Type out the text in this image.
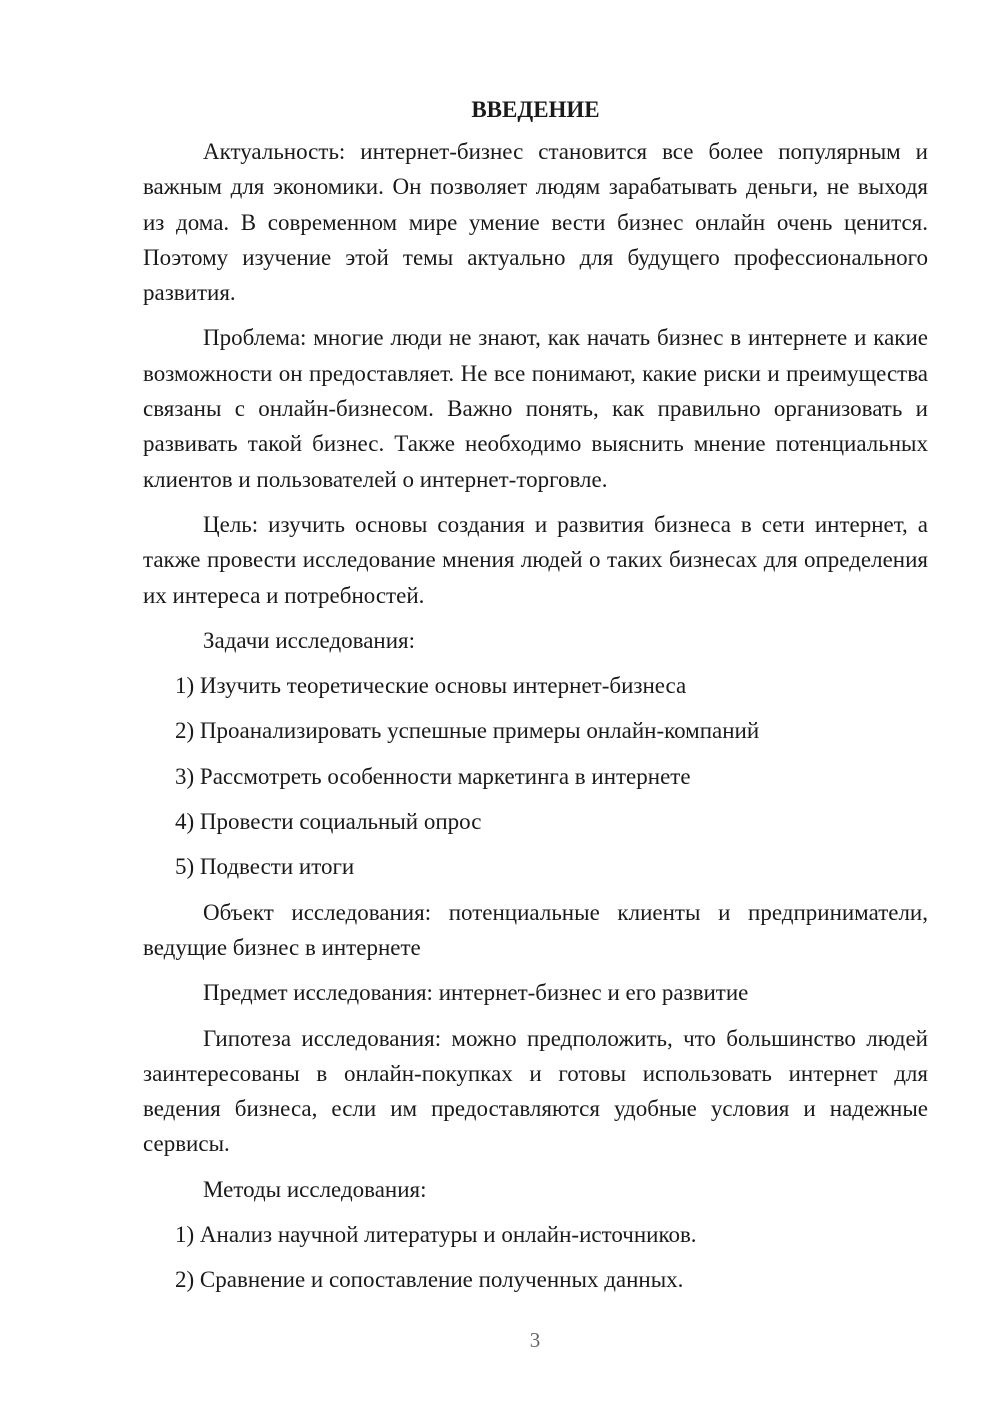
ВВЕДЕНИЕ

Актуальность: интернет-бизнес становится все более популярным и важным для экономики. Он позволяет людям зарабатывать деньги, не выходя из дома. В современном мире умение вести бизнес онлайн очень ценится. Поэтому изучение этой темы актуально для будущего профессионального развития.

Проблема: многие люди не знают, как начать бизнес в интернете и какие возможности он предоставляет. Не все понимают, какие риски и преимущества связаны с онлайн-бизнесом. Важно понять, как правильно организовать и развивать такой бизнес. Также необходимо выяснить мнение потенциальных клиентов и пользователей о интернет-торговле.

Цель: изучить основы создания и развития бизнеса в сети интернет, а также провести исследование мнения людей о таких бизнесах для определения их интереса и потребностей.

Задачи исследования:
1) Изучить теоретические основы интернет-бизнеса
2) Проанализировать успешные примеры онлайн-компаний
3) Рассмотреть особенности маркетинга в интернете
4) Провести социальный опрос
5) Подвести итоги

Объект исследования: потенциальные клиенты и предприниматели, ведущие бизнес в интернете

Предмет исследования: интернет-бизнес и его развитие

Гипотеза исследования: можно предположить, что большинство людей заинтересованы в онлайн-покупках и готовы использовать интернет для ведения бизнеса, если им предоставляются удобные условия и надежные сервисы.

Методы исследования:
1) Анализ научной литературы и онлайн-источников.
2) Сравнение и сопоставление полученных данных.
3
